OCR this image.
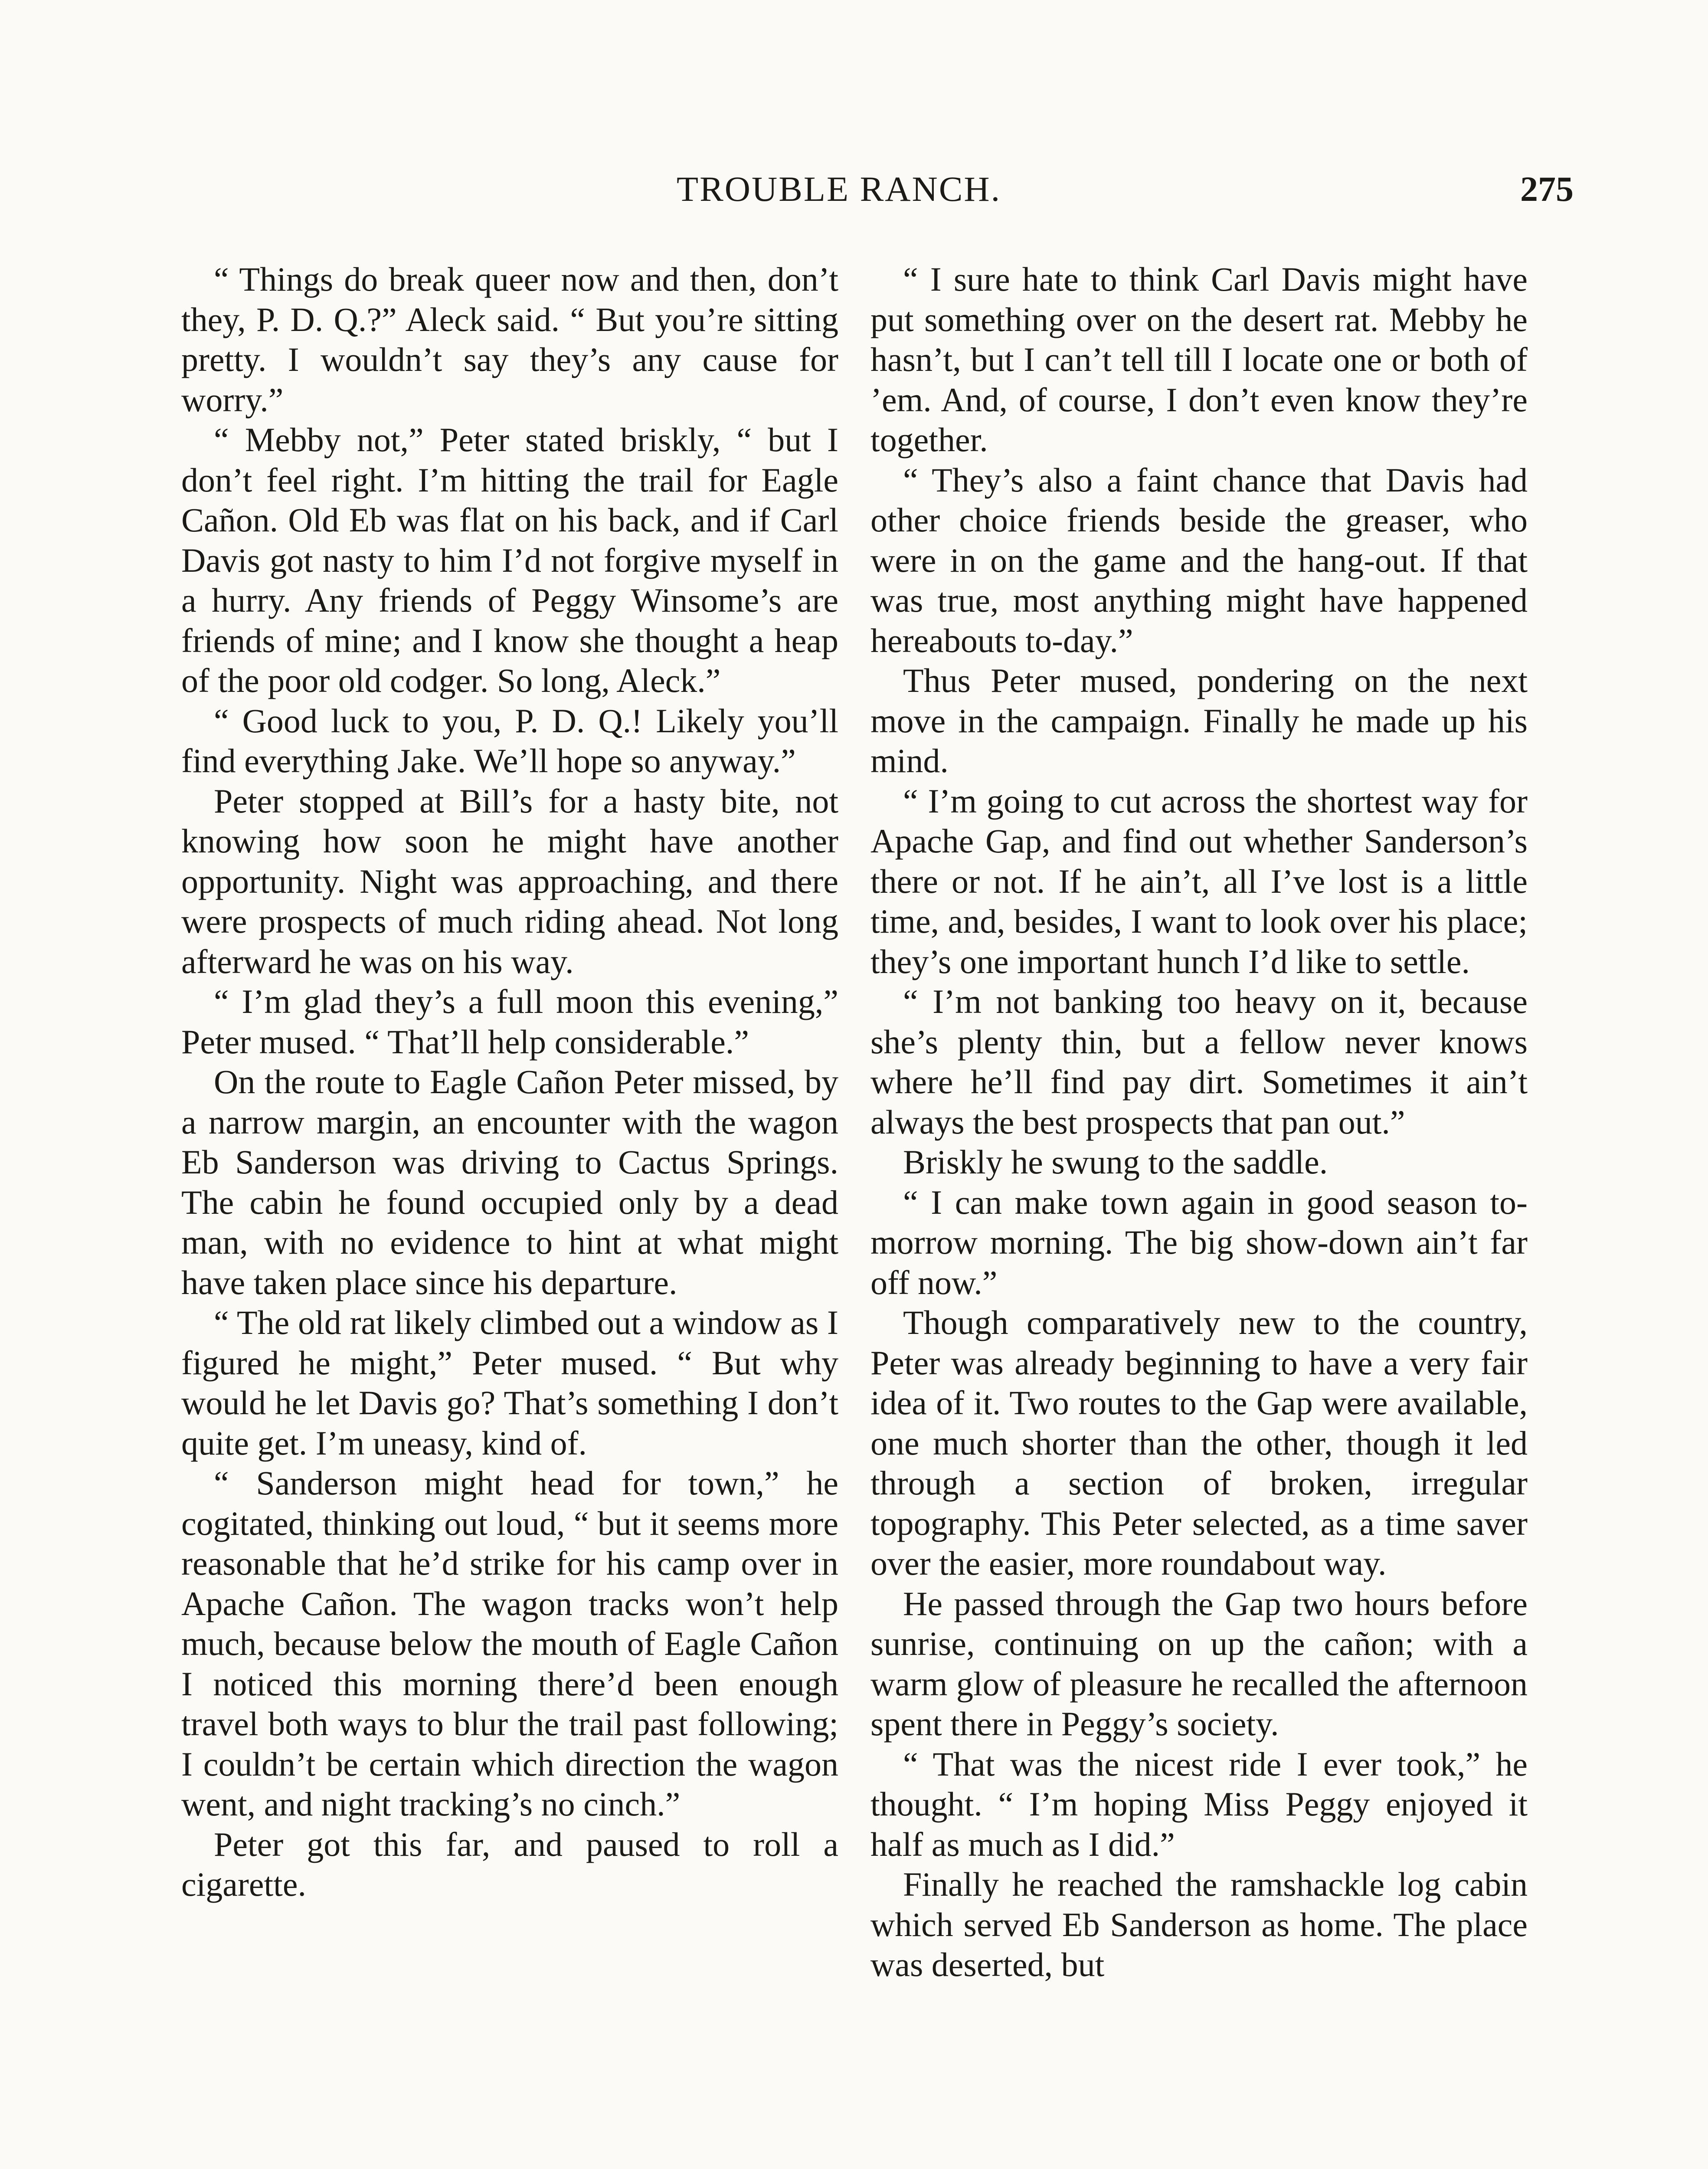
TROUBLE RANCH.	275

“ Things do break queer now and then, don’t they, P. D. Q.?” Aleck said. “ But you’re sitting pretty. I wouldn’t say they’s any cause for worry.”

“ Mebby not,” Peter stated briskly, “ but I don’t feel right. I’m hitting the trail for Eagle Cañon. Old Eb was flat on his back, and if Carl Davis got nasty to him I’d not forgive myself in a hurry. Any friends of Peggy Winsome’s are friends of mine; and I know she thought a heap of the poor old codger. So long, Aleck.”

“ Good luck to you, P. D. Q.! Likely you’ll find everything Jake. We’ll hope so anyway.”

Peter stopped at Bill’s for a hasty bite, not knowing how soon he might have another opportunity. Night was approaching, and there were prospects of much riding ahead. Not long afterward he was on his way.

“ I’m glad they’s a full moon this evening,” Peter mused. “ That’ll help considerable.”

On the route to Eagle Cañon Peter missed, by a narrow margin, an encounter with the wagon Eb Sanderson was driving to Cactus Springs. The cabin he found occupied only by a dead man, with no evidence to hint at what might have taken place since his departure.

“ The old rat likely climbed out a window as I figured he might,” Peter mused. “ But why would he let Davis go? That’s something I don’t quite get. I’m uneasy, kind of.

“ Sanderson might head for town,” he cogitated, thinking out loud, “ but it seems more reasonable that he’d strike for his camp over in Apache Cañon. The wagon tracks won’t help much, because below the mouth of Eagle Cañon I noticed this morning there’d been enough travel both ways to blur the trail past following; I couldn’t be certain which direction the wagon went, and night tracking’s no cinch.”

Peter got this far, and paused to roll a cigarette.

“ I sure hate to think Carl Davis might have put something over on the desert rat. Mebby he hasn’t, but I can’t tell till I locate one or both of ’em. And, of course, I don’t even know they’re together.

“ They’s also a faint chance that Davis had other choice friends beside the greaser, who were in on the game and the hang-out. If that was true, most anything might have happened hereabouts to-day.”

Thus Peter mused, pondering on the next move in the campaign. Finally he made up his mind.

“ I’m going to cut across the shortest way for Apache Gap, and find out whether Sanderson’s there or not. If he ain’t, all I’ve lost is a little time, and, besides, I want to look over his place; they’s one important hunch I’d like to settle.

“ I’m not banking too heavy on it, because she’s plenty thin, but a fellow never knows where he’ll find pay dirt. Sometimes it ain’t always the best prospects that pan out.”

Briskly he swung to the saddle.

“ I can make town again in good season to-morrow morning. The big show-down ain’t far off now.”

Though comparatively new to the country, Peter was already beginning to have a very fair idea of it. Two routes to the Gap were available, one much shorter than the other, though it led through a section of broken, irregular topography. This Peter selected, as a time saver over the easier, more roundabout way.

He passed through the Gap two hours before sunrise, continuing on up the cañon; with a warm glow of pleasure he recalled the afternoon spent there in Peggy’s society.

“ That was the nicest ride I ever took,” he thought. “ I’m hoping Miss Peggy enjoyed it half as much as I did.”

Finally he reached the ramshackle log cabin which served Eb Sanderson as home. The place was deserted, but
